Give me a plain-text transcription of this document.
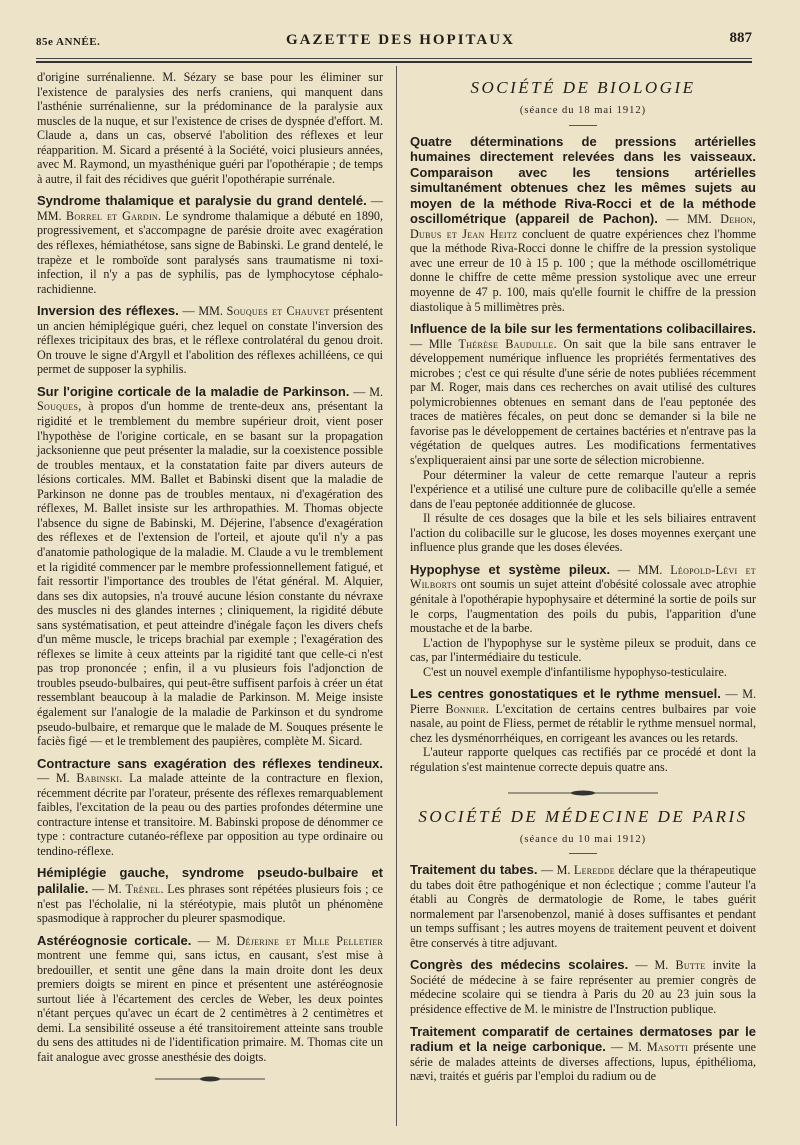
85e ANNÉE.	GAZETTE DES HOPITAUX	887

d'origine surrénalienne. M. Sézary se base pour les éliminer sur l'existence de paralysies des nerfs craniens, qui manquent dans l'asthénie surrénalienne, sur la prédominance de la paralysie aux muscles de la nuque, et sur l'existence de crises de dyspnée d'effort. M. Claude a, dans un cas, observé l'abolition des réflexes et leur réapparition. M. Sicard a présenté à la Société, voici plusieurs années, avec M. Raymond, un myasthénique guéri par l'opothérapie ; de temps à autre, il fait des récidives que guérit l'opothérapie surrénale.

Syndrome thalamique et paralysie du grand dentelé. — MM. Borrel et Gardin. Le syndrome thalamique a débuté en 1890, progressivement, et s'accompagne de parésie droite avec exagération des réflexes, hémiathétose, sans signe de Babinski. Le grand dentelé, le trapèze et le romboïde sont paralysés sans traumatisme ni toxi-infection, il n'y a pas de syphilis, pas de lymphocytose céphalo-rachidienne.

Inversion des réflexes. — MM. Souques et Chauvet présentent un ancien hémiplégique guéri, chez lequel on constate l'inversion des réflexes tricipitaux des bras, et le réflexe controlatéral du genou droit. On trouve le signe d'Argyll et l'abolition des réflexes achilléens, ce qui permet de supposer la syphilis.

Sur l'origine corticale de la maladie de Parkinson. — M. Souques, à propos d'un homme de trente-deux ans, présentant la rigidité et le tremblement du membre supérieur droit, vient poser l'hypothèse de l'origine corticale, en se basant sur la propagation jacksonienne que peut présenter la maladie, sur la coexistence possible de troubles mentaux, et la constatation faite par divers auteurs de lésions corticales. MM. Ballet et Babinski disent que la maladie de Parkinson ne donne pas de troubles mentaux, ni d'exagération des réflexes, M. Ballet insiste sur les arthropathies. M. Thomas objecte l'absence du signe de Babinski, M. Déjerine, l'absence d'exagération des réflexes et de l'extension de l'orteil, et ajoute qu'il n'y a pas d'anatomie pathologique de la maladie. M. Claude a vu le tremblement et la rigidité commencer par le membre professionnellement fatigué, et fait ressortir l'importance des troubles de l'état général. M. Alquier, dans ses dix autopsies, n'a trouvé aucune lésion constante du névraxe des muscles ni des glandes internes ; cliniquement, la rigidité débute sans systématisation, et peut atteindre d'inégale façon les divers chefs d'un même muscle, le triceps brachial par exemple ; l'exagération des réflexes se limite à ceux atteints par la rigidité tant que celle-ci n'est pas trop prononcée ; enfin, il a vu plusieurs fois l'adjonction de troubles pseudo-bulbaires, qui peut-être suffisent parfois à créer un état ressemblant beaucoup à la maladie de Parkinson. M. Meige insiste également sur l'analogie de la maladie de Parkinson et du syndrome pseudo-bulbaire, et remarque que le malade de M. Souques présente le faciès figé — et le tremblement des paupières, complète M. Sicard.

Contracture sans exagération des réflexes tendineux. — M. Babinski. La malade atteinte de la contracture en flexion, récemment décrite par l'orateur, présente des réflexes remarquablement faibles, l'excitation de la peau ou des parties profondes détermine une contracture intense et transitoire. M. Babinski propose de dénommer ce type : contracture cutanéo-réflexe par opposition au type ordinaire ou tendino-réflexe.

Hémiplégie gauche, syndrome pseudo-bulbaire et palilalie. — M. Trénel. Les phrases sont répétées plusieurs fois ; ce n'est pas l'écholalie, ni la stéréotypie, mais plutôt un phénomène spasmodique à rapprocher du pleurer spasmodique.

Astéréognosie corticale. — M. Déjerine et Mlle Pelletier montrent une femme qui, sans ictus, en causant, s'est mise à bredouiller, et sentit une gêne dans la main droite dont les deux premiers doigts se mirent en pince et présentent une astéréognosie surtout liée à l'écartement des cercles de Weber, les deux pointes n'étant perçues qu'avec un écart de 2 centimètres à 2 centimètres et demi. La sensibilité osseuse a été transitoirement atteinte sans trouble du sens des attitudes ni de l'identification primaire. M. Thomas cite un fait analogue avec grosse anesthésie des doigts.

SOCIÉTÉ DE BIOLOGIE
(séance du 18 mai 1912)

Quatre déterminations de pressions artérielles humaines directement relevées dans les vaisseaux. Comparaison avec les tensions artérielles simultanément obtenues chez les mêmes sujets au moyen de la méthode Riva-Rocci et de la méthode oscillométrique (appareil de Pachon). — MM. Dehon, Dubus et Jean Heitz concluent de quatre expériences chez l'homme que la méthode Riva-Rocci donne le chiffre de la pression systolique avec une erreur de 10 à 15 p. 100 ; que la méthode oscillométrique donne le chiffre de cette même pression systolique avec une erreur moyenne de 47 p. 100, mais qu'elle fournit le chiffre de la pression diastolique à 5 millimètres près.

Influence de la bile sur les fermentations colibacillaires. — Mlle Thérèse Baudulle. On sait que la bile sans entraver le développement numérique influence les propriétés fermentatives des microbes ; c'est ce qui résulte d'une série de notes publiées récemment par M. Roger, mais dans ces recherches on avait utilisé des cultures polymicrobiennes obtenues en semant dans de l'eau peptonée des traces de matières fécales, on peut donc se demander si la bile ne favorise pas le développement de certaines bactéries et n'entrave pas la végétation de quelques autres. Les modifications fermentatives s'expliqueraient ainsi par une sorte de sélection microbienne.

Pour déterminer la valeur de cette remarque l'auteur a repris l'expérience et a utilisé une culture pure de colibacille qu'elle a semée dans de l'eau peptonée additionnée de glucose.

Il résulte de ces dosages que la bile et les sels biliaires entravent l'action du colibacille sur le glucose, les doses moyennes exerçant une influence plus grande que les doses élevées.

Hypophyse et système pileux. — MM. Léopold-Lévi et Wilborts ont soumis un sujet atteint d'obésité colossale avec atrophie génitale à l'opothérapie hypophysaire et déterminé la sortie de poils sur le corps, l'augmentation des poils du pubis, l'apparition d'une moustache et de la barbe.

L'action de l'hypophyse sur le système pileux se produit, dans ce cas, par l'intermédiaire du testicule.

C'est un nouvel exemple d'infantilisme hypophyso-testiculaire.

Les centres gonostatiques et le rythme mensuel. — M. Pierre Bonnier. L'excitation de certains centres bulbaires par voie nasale, au point de Fliess, permet de rétablir le rythme mensuel normal, chez les dysménorrhéiques, en corrigeant les avances ou les retards.

L'auteur rapporte quelques cas rectifiés par ce procédé et dont la régulation s'est maintenue correcte depuis quatre ans.

SOCIÉTÉ DE MÉDECINE DE PARIS
(séance du 10 mai 1912)

Traitement du tabes. — M. Leredde déclare que la thérapeutique du tabes doit être pathogénique et non éclectique ; comme l'auteur l'a établi au Congrès de dermatologie de Rome, le tabes guérit normalement par l'arsenobenzol, manié à doses suffisantes et pendant un temps suffisant ; les autres moyens de traitement peuvent et doivent être conservés à titre adjuvant.

Congrès des médecins scolaires. — M. Butte invite la Société de médecine à se faire représenter au premier congrès de médecine scolaire qui se tiendra à Paris du 20 au 23 juin sous la présidence effective de M. le ministre de l'Instruction publique.

Traitement comparatif de certaines dermatoses par le radium et la neige carbonique. — M. Masotti présente une série de malades atteints de diverses affections, lupus, épithélioma, nævi, traités et guéris par l'emploi du radium ou de
